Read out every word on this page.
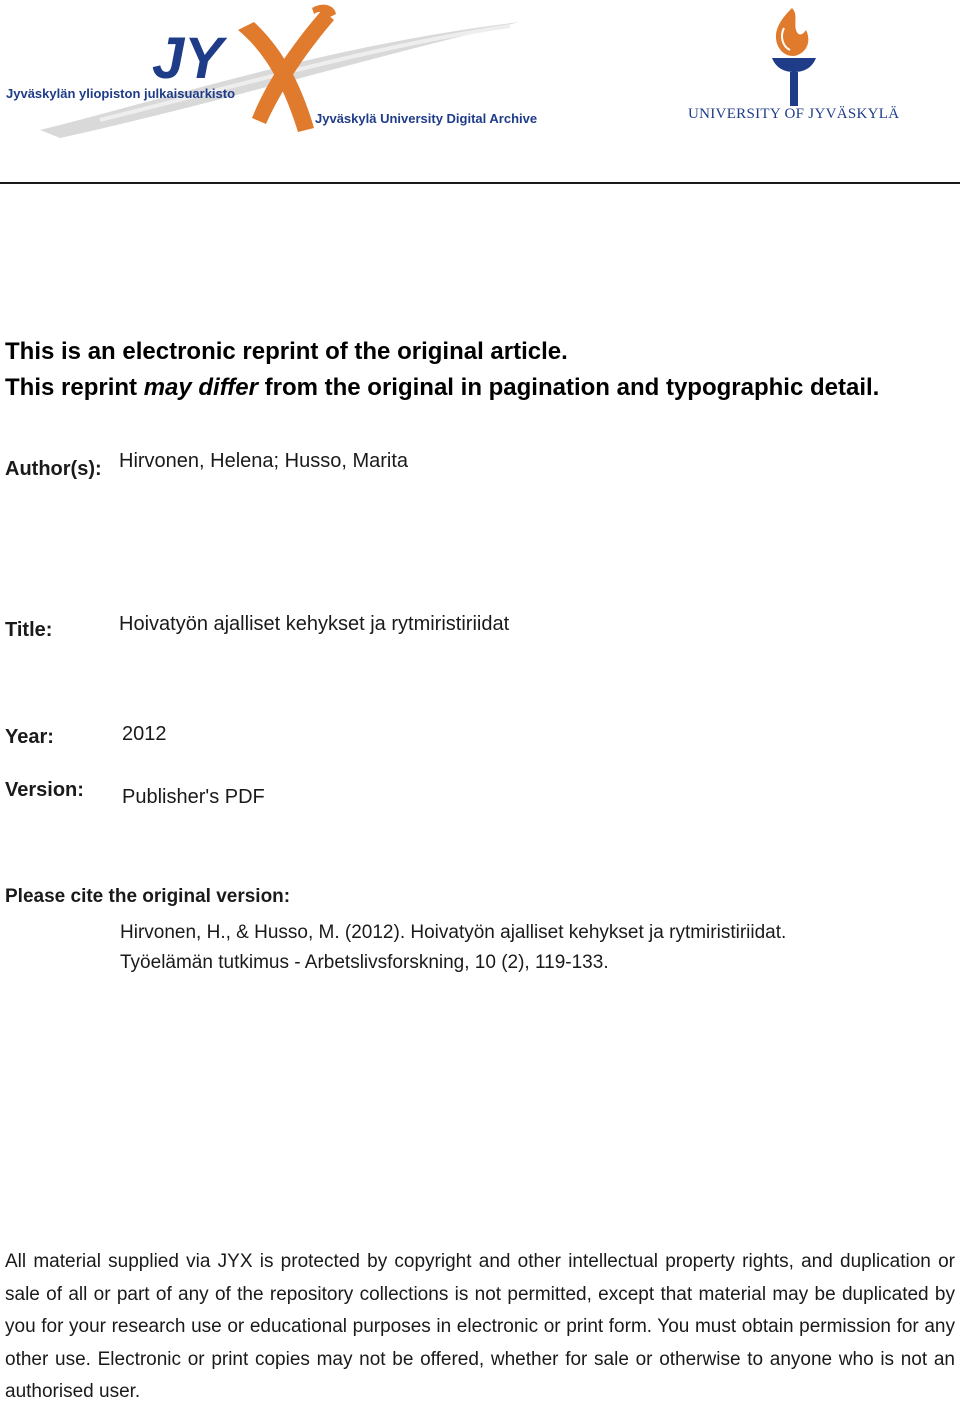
JY
Jyväskylän yliopiston julkaisuarkisto
Jyväskylä University Digital Archive	UNIVERSITY OF JYVÄSKYLÄ
This is an electronic reprint of the original article.
This reprint may differ from the original in pagination and typographic detail.
Author(s): Hirvonen, Helena; Husso, Marita
Title:	Hoivatyön ajalliset kehykset ja rytmiristiriidat
Year:	2012
Version: Publisher's PDF
Please cite the original version:
Hirvonen, H., & Husso, M. (2012). Hoivatyön ajalliset kehykset ja rytmiristiriidat.
Työelämän tutkimus - Arbetslivsforskning, 10 (2), 119-133.
All material supplied via JYX is protected by copyright and other intellectual property rights, and duplication or sale of all or part of any of the repository collections is not permitted, except that material may be duplicated by you for your research use or educational purposes in electronic or print form. You must obtain permission for any other use. Electronic or print copies may not be offered, whether for sale or otherwise to anyone who is not an authorised user.
